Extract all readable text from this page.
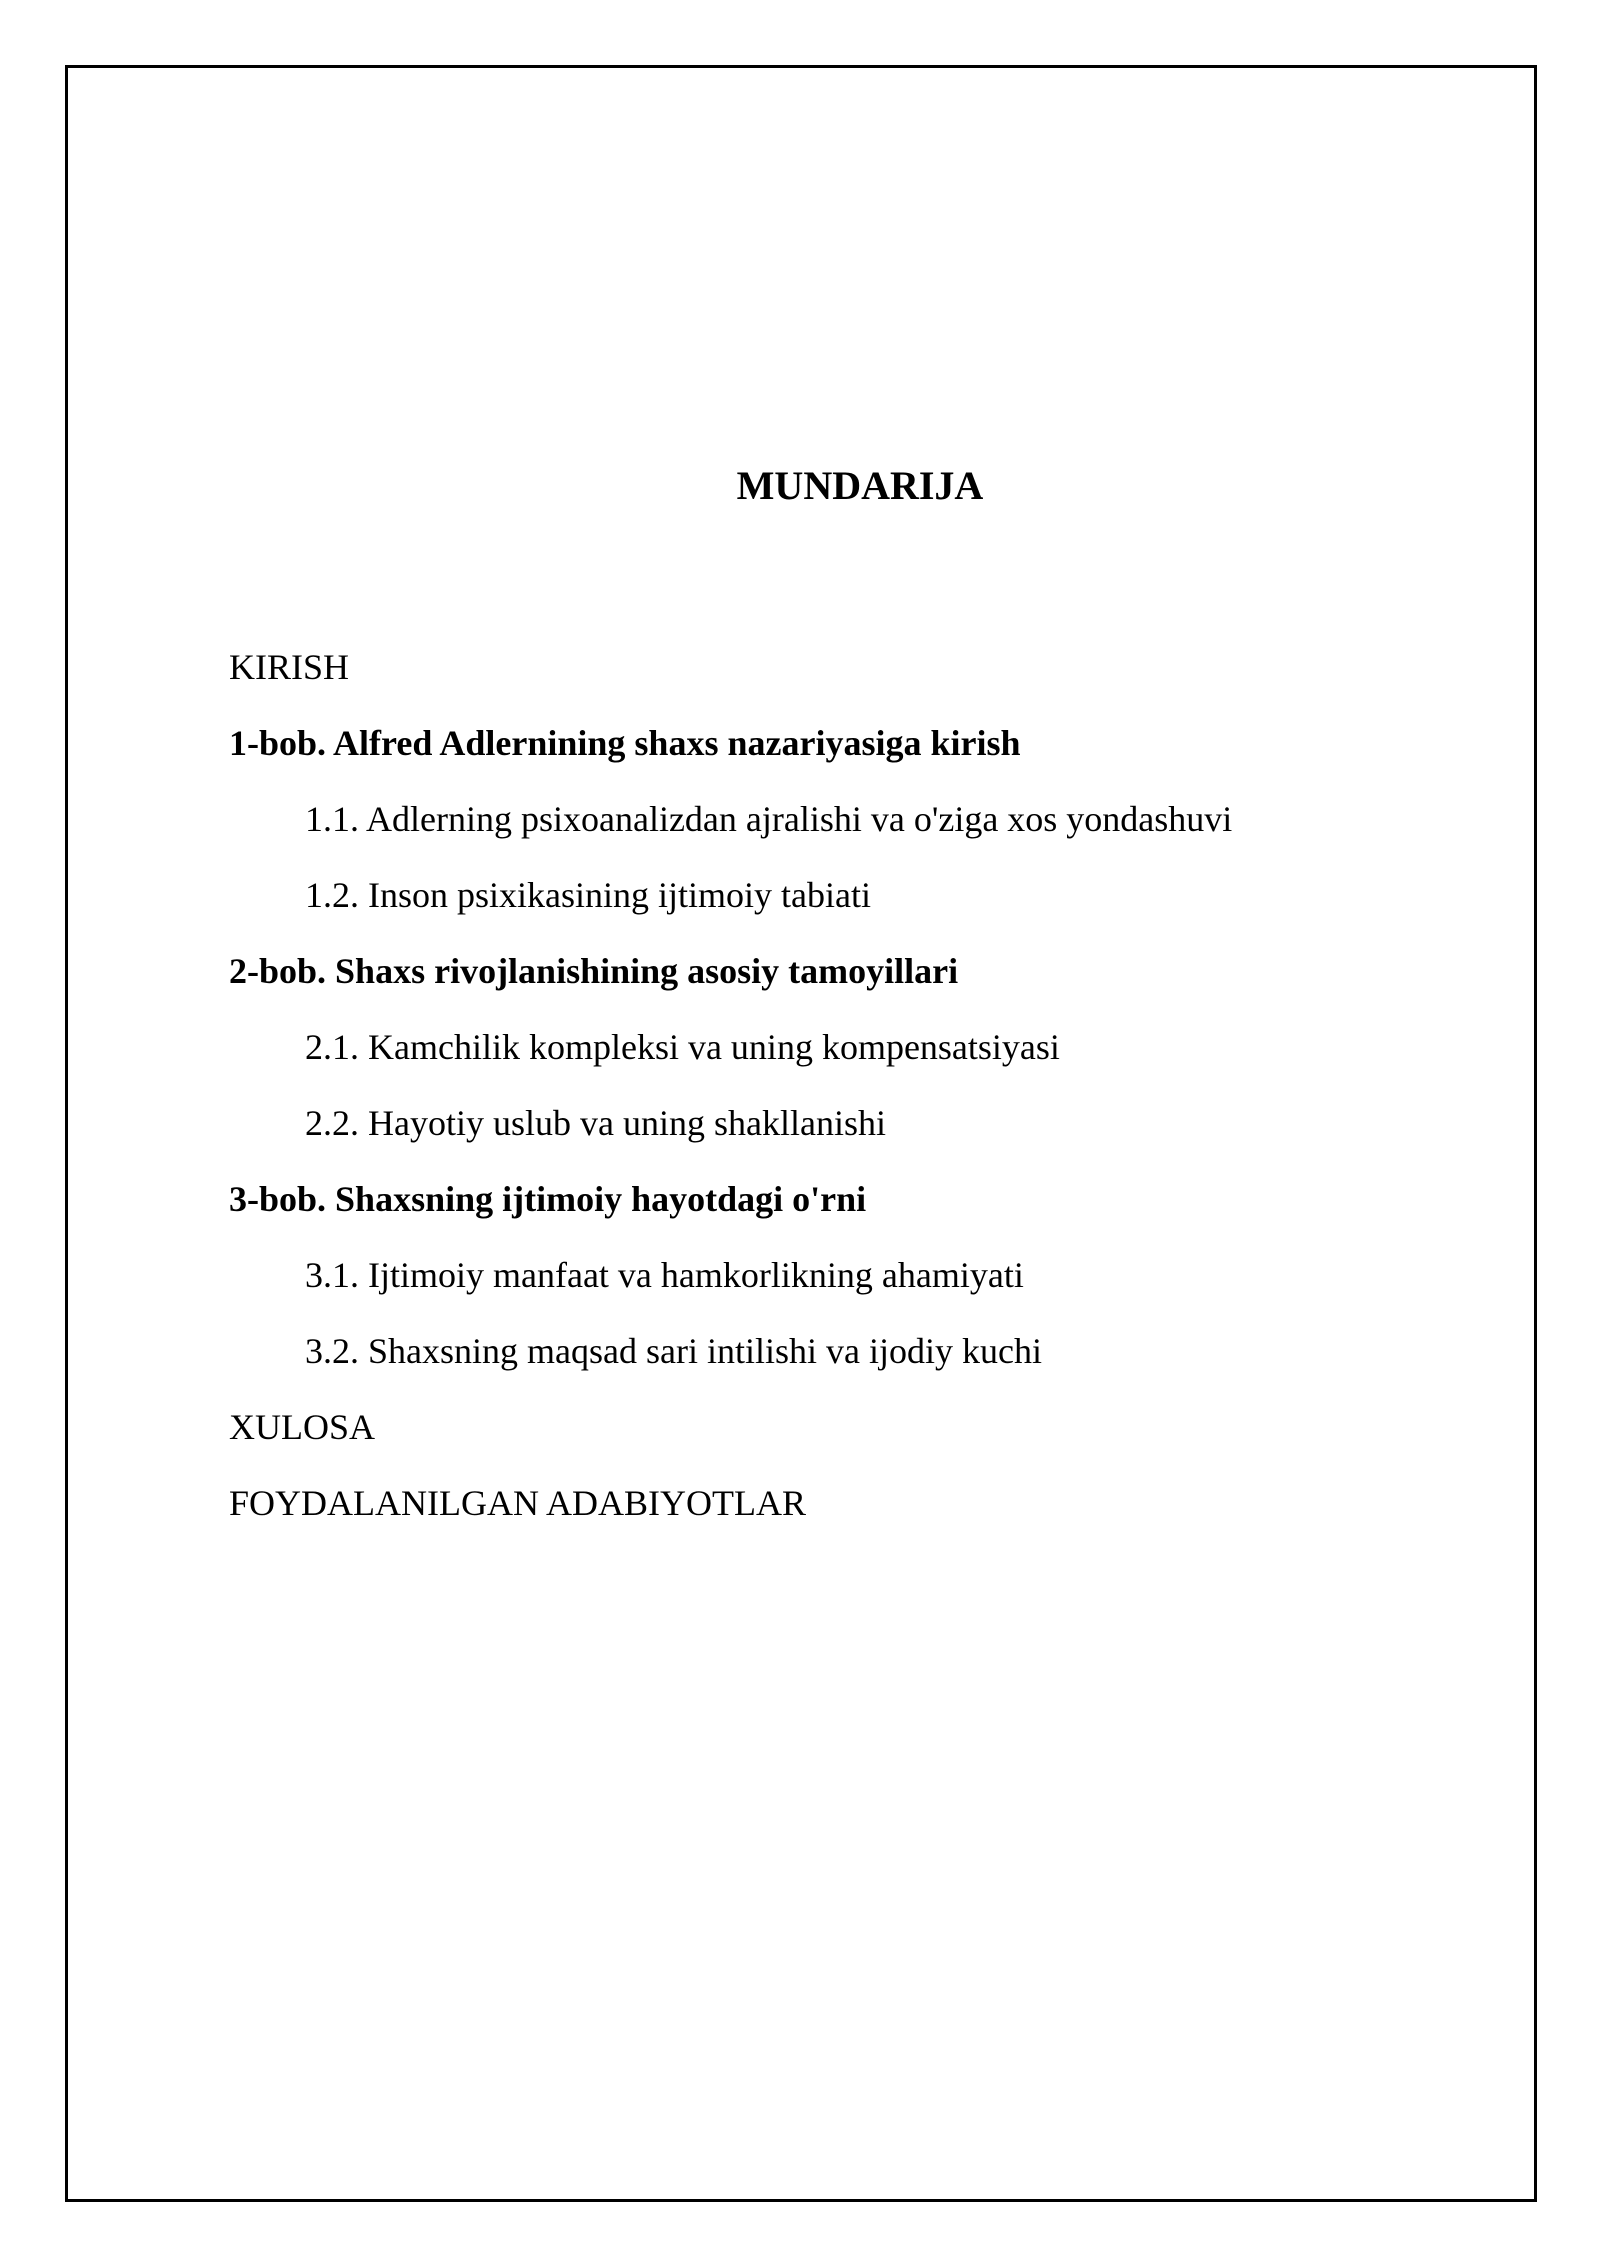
MUNDARIJA
KIRISH
1-bob. Alfred Adlernining shaxs nazariyasiga kirish
1.1. Adlerning psixoanalizdan ajralishi va o'ziga xos yondashuvi
1.2. Inson psixikasining ijtimoiy tabiati
2-bob. Shaxs rivojlanishining asosiy tamoyillari
2.1. Kamchilik kompleksi va uning kompensatsiyasi
2.2. Hayotiy uslub va uning shakllanishi
3-bob. Shaxsning ijtimoiy hayotdagi o'rni
3.1. Ijtimoiy manfaat va hamkorlikning ahamiyati
3.2. Shaxsning maqsad sari intilishi va ijodiy kuchi
XULOSA
FOYDALANILGAN ADABIYOTLAR
